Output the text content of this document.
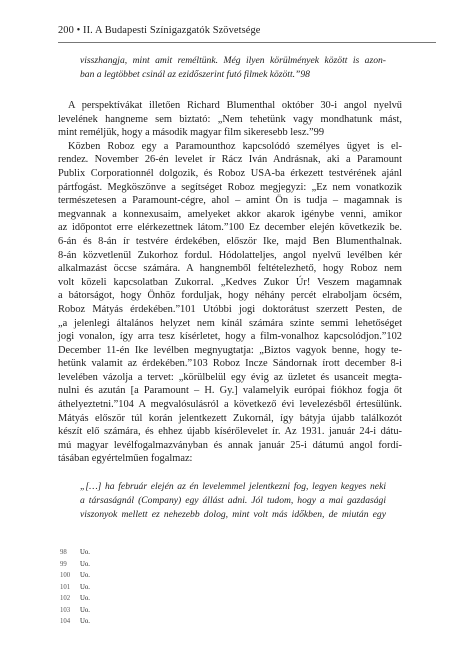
200 • II. A Budapesti Színigazgatók Szövetsége
visszhangja, mint amit reméltünk. Még ilyen körülmények között is azon-
ban a legtöbbet csinál az ezidőszerint futó filmek között.”98
A perspektívákat illetően Richard Blumenthal október 30-i angol nyelvű
levelének hangneme sem biztató: „Nem tehetünk vagy mondhatunk mást,
mint reméljük, hogy a második magyar film sikeresebb lesz.”99
Közben Roboz egy a Paramounthoz kapcsolódó személyes ügyet is el-
rendez. November 26-én levelet ír Rácz Iván Andrásnak, aki a Paramount
Publix Corporationnél dolgozik, és Roboz USA-ba érkezett testvérének ajánl
pártfogást. Megköszönve a segítséget Roboz megjegyzi: „Ez nem vonatkozik
természetesen a Paramount-cégre, ahol – amint Ön is tudja – magamnak is
megvannak a konnexusaim, amelyeket akkor akarok igénybe venni, amikor
az időpontot erre elérkezettnek látom.”100 Ez december elején következik be.
6-án és 8-án ír testvére érdekében, először Ike, majd Ben Blumenthalnak.
8-án közvetlenül Zukorhoz fordul. Hódolatteljes, angol nyelvű levélben kér
alkalmazást öccse számára. A hangnemből feltételezhető, hogy Roboz nem
volt közeli kapcsolatban Zukorral. „Kedves Zukor Úr! Veszem magamnak
a bátorságot, hogy Önhöz forduljak, hogy néhány percét elraboljam öcsém,
Roboz Mátyás érdekében.”101 Utóbbi jogi doktorátust szerzett Pesten, de
„a jelenlegi általános helyzet nem kínál számára szinte semmi lehetőséget
jogi vonalon, így arra tesz kísérletet, hogy a film-vonalhoz kapcsolódjon.”102
December 11-én Ike levélben megnyugtatja: „Biztos vagyok benne, hogy te-
hetünk valamit az érdekében.”103 Roboz Incze Sándornak írott december 8-i
levelében vázolja a tervet: „körülbelül egy évig az üzletet és usanceit megta-
nulni és azután [a Paramount – H. Gy.] valamelyik európai fiókhoz fogja őt
áthelyeztetni.”104 A megvalósulásról a következő évi levelezésből értesülünk.
Mátyás először túl korán jelentkezett Zukornál, így bátyja újabb találkozót
készít elő számára, és ehhez újabb kísérőlevelet ír. Az 1931. január 24-i dátu-
mú magyar levélfogalmazványban és annak január 25-i dátumú angol fordí-
tásában egyértelműen fogalmaz:
„[…] ha február elején az én levelemmel jelentkezni fog, legyen kegyes neki
a társaságnál (Company) egy állást adni. Jól tudom, hogy a mai gazdasági
viszonyok mellett ez nehezebb dolog, mint volt más időkben, de miután egy
98	Uo.
99	Uo.
100	Uo.
101	Uo.
102	Uo.
103	Uo.
104	Uo.
